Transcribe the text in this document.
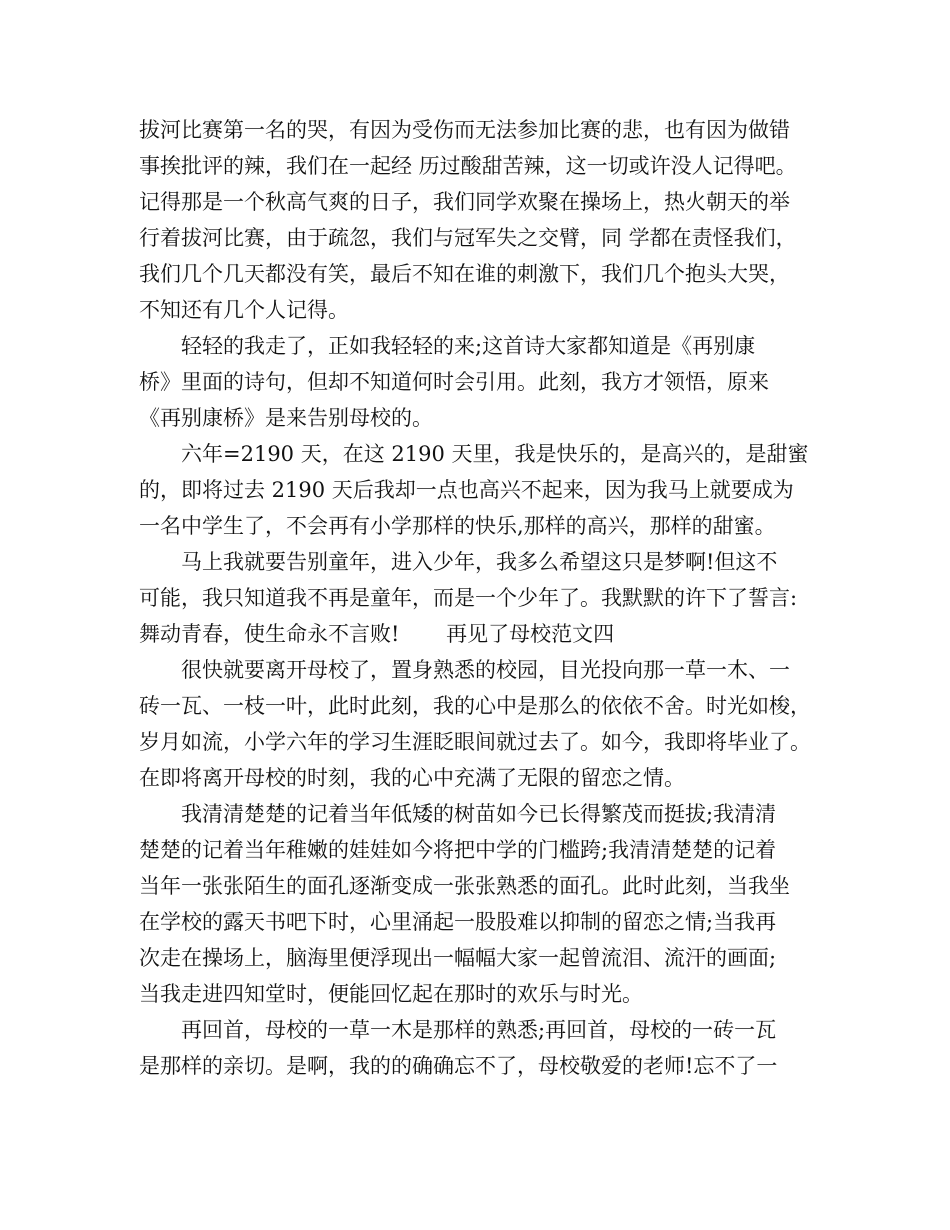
拔河比赛第一名的哭，有因为受伤而无法参加比赛的悲，也有因为做错
事挨批评的辣，我们在一起经 历过酸甜苦辣，这一切或许没人记得吧。
记得那是一个秋高气爽的日子，我们同学欢聚在操场上，热火朝天的举
行着拔河比赛，由于疏忽，我们与冠军失之交臂，同 学都在责怪我们，
我们几个几天都没有笑，最后不知在谁的刺激下，我们几个抱头大哭，
不知还有几个人记得。
轻轻的我走了，正如我轻轻的来;这首诗大家都知道是《再别康
桥》里面的诗句，但却不知道何时会引用。此刻，我方才领悟，原来
《再别康桥》是来告别母校的。
六年=2190 天，在这 2190 天里，我是快乐的，是高兴的，是甜蜜
的，即将过去 2190 天后我却一点也高兴不起来，因为我马上就要成为
一名中学生了，不会再有小学那样的快乐,那样的高兴，那样的甜蜜。
马上我就要告别童年，进入少年，我多么希望这只是梦啊!但这不
可能，我只知道我不再是童年，而是一个少年了。我默默的许下了誓言:
舞动青春，使生命永不言败!       再见了母校范文四
很快就要离开母校了，置身熟悉的校园，目光投向那一草一木、一
砖一瓦、一枝一叶，此时此刻，我的心中是那么的依依不舍。时光如梭，
岁月如流，小学六年的学习生涯眨眼间就过去了。如今，我即将毕业了。
在即将离开母校的时刻，我的心中充满了无限的留恋之情。
我清清楚楚的记着当年低矮的树苗如今已长得繁茂而挺拔;我清清
楚楚的记着当年稚嫩的娃娃如今将把中学的门槛跨;我清清楚楚的记着
当年一张张陌生的面孔逐渐变成一张张熟悉的面孔。此时此刻，当我坐
在学校的露天书吧下时，心里涌起一股股难以抑制的留恋之情;当我再
次走在操场上，脑海里便浮现出一幅幅大家一起曾流泪、流汗的画面;
当我走进四知堂时，便能回忆起在那时的欢乐与时光。
再回首，母校的一草一木是那样的熟悉;再回首，母校的一砖一瓦
是那样的亲切。是啊，我的的确确忘不了，母校敬爱的老师!忘不了一
